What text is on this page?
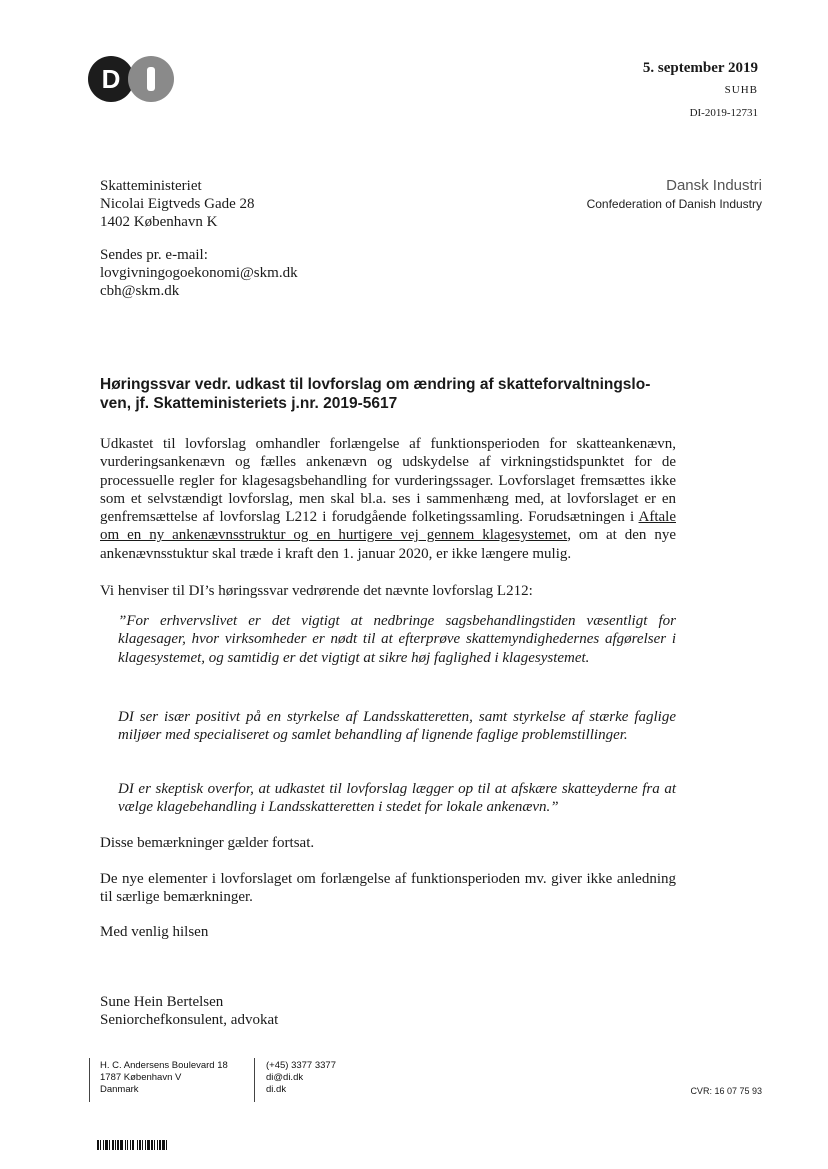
D	5. september 2019
SUHB
DI-2019-12731
Dansk Industri
Confederation of Danish Industry
Skatteministeriet
Nicolai Eigtveds Gade 28
1402 København K
Sendes pr. e-mail:
lovgivningogoekonomi@skm.dk
cbh@skm.dk
Høringssvar vedr. udkast til lovforslag om ændring af skatteforvaltningslo-ven, jf. Skatteministeriets j.nr. 2019-5617
Udkastet til lovforslag omhandler forlængelse af funktionsperioden for skatteankenævn, vurderingsankenævn og fælles ankenævn og udskydelse af virkningstidspunktet for de processuelle regler for klagesagsbehandling for vurderingssager. Lovforslaget fremsættes ikke som et selvstændigt lovforslag, men skal bl.a. ses i sammenhæng med, at lovforslaget er en genfremsættelse af lovforslag L212 i forudgående folketingssamling. Forudsætningen i Aftale om en ny ankenævnsstruktur og en hurtigere vej gennem klagesystemet, om at den nye ankenævnsstuktur skal træde i kraft den 1. januar 2020, er ikke længere mulig.
Vi henviser til DI’s høringssvar vedrørende det nævnte lovforslag L212:
”For erhvervslivet er det vigtigt at nedbringe sagsbehandlingstiden væsentligt for klagesager, hvor virksomheder er nødt til at efterprøve skattemyndighedernes afgørelser i klagesystemet, og samtidig er det vigtigt at sikre høj faglighed i klagesystemet.
DI ser især positivt på en styrkelse af Landsskatteretten, samt styrkelse af stærke faglige miljøer med specialiseret og samlet behandling af lignende faglige problemstillinger.
DI er skeptisk overfor, at udkastet til lovforslag lægger op til at afskære skatteyderne fra at vælge klagebehandling i Landsskatteretten i stedet for lokale ankenævn.”
Disse bemærkninger gælder fortsat.
De nye elementer i lovforslaget om forlængelse af funktionsperioden mv. giver ikke anledning til særlige bemærkninger.
Med venlig hilsen
Sune Hein Bertelsen
Seniorchefkonsulent, advokat
H. C. Andersens Boulevard 18
1787 København V
Danmark
(+45) 3377 3377
di@di.dk
di.dk	CVR: 16 07 75 93
